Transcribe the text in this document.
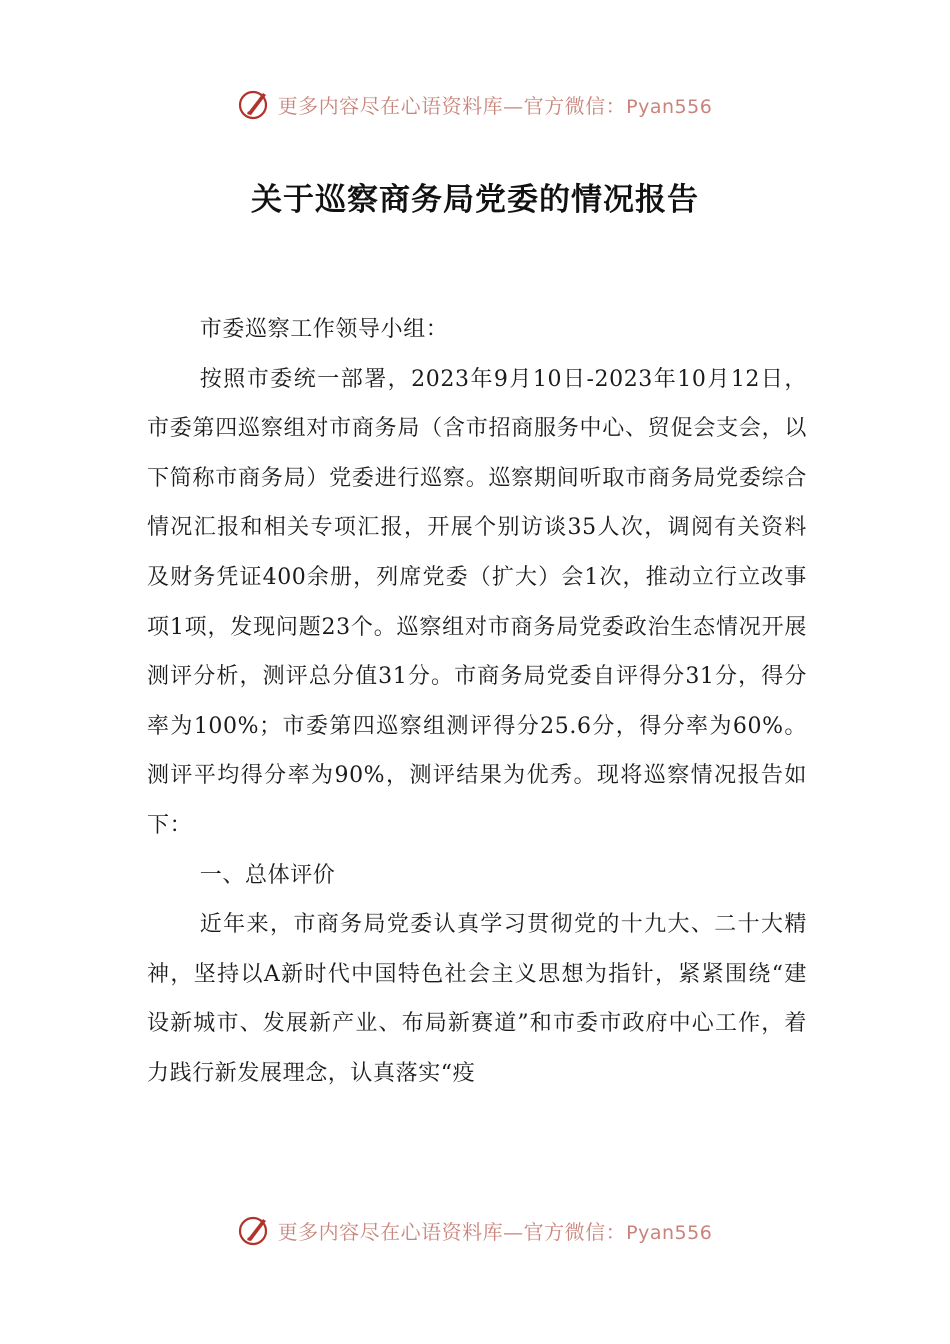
更多内容尽在心语资料库—官方微信：Pyan556
关于巡察商务局党委的情况报告

市委巡察工作领导小组：

按照市委统一部署，2023年9月10日-2023年10月12日，市委第四巡察组对市商务局（含市招商服务中心、贸促会支会，以下简称市商务局）党委进行巡察。巡察期间听取市商务局党委综合情况汇报和相关专项汇报，开展个别访谈35人次，调阅有关资料及财务凭证400余册，列席党委（扩大）会1次，推动立行立改事项1项，发现问题23个。巡察组对市商务局党委政治生态情况开展测评分析，测评总分值31分。市商务局党委自评得分31分，得分率为100%；市委第四巡察组测评得分25.6分，得分率为60%。测评平均得分率为90%，测评结果为优秀。现将巡察情况报告如下：

一、总体评价

近年来，市商务局党委认真学习贯彻党的十九大、二十大精神，坚持以A新时代中国特色社会主义思想为指针，紧紧围绕“建设新城市、发展新产业、布局新赛道”和市委市政府中心工作，着力践行新发展理念，认真落实“疫

更多内容尽在心语资料库—官方微信：Pyan556
